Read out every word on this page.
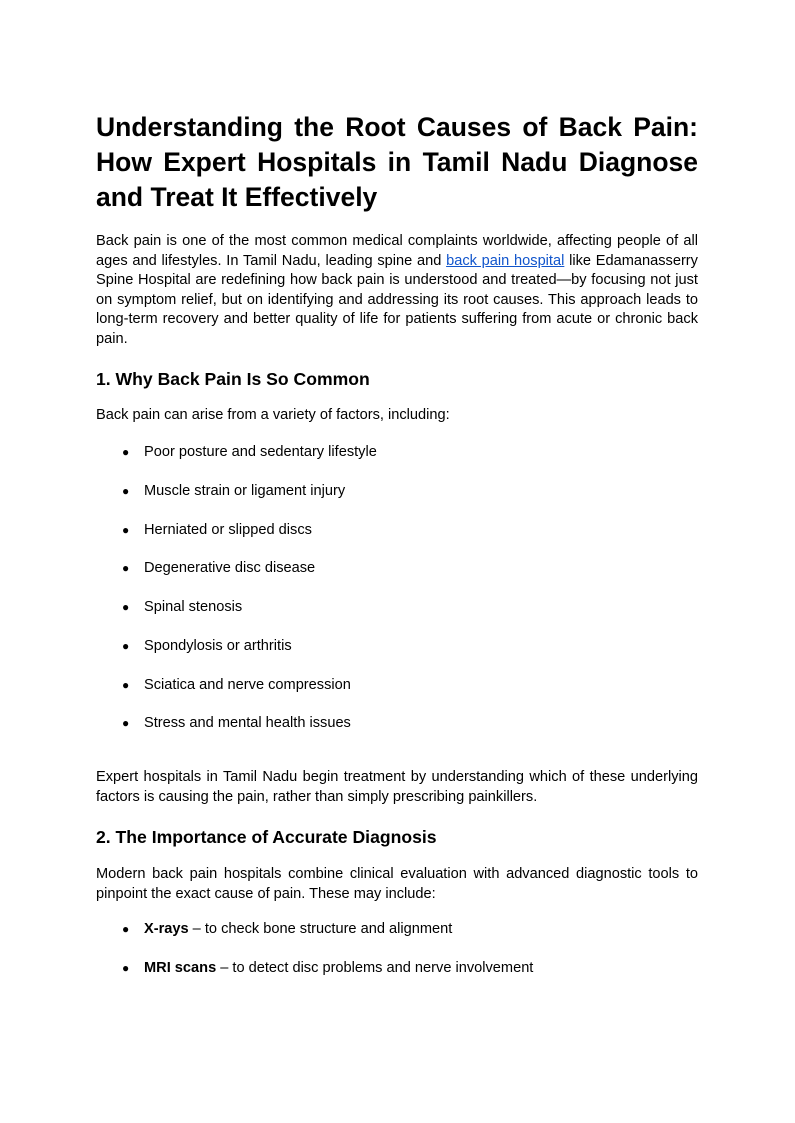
Understanding the Root Causes of Back Pain: How Expert Hospitals in Tamil Nadu Diagnose and Treat It Effectively

Back pain is one of the most common medical complaints worldwide, affecting people of all ages and lifestyles. In Tamil Nadu, leading spine and back pain hospital like Edamanasserry Spine Hospital are redefining how back pain is understood and treated—by focusing not just on symptom relief, but on identifying and addressing its root causes. This approach leads to long-term recovery and better quality of life for patients suffering from acute or chronic back pain.

1. Why Back Pain Is So Common

Back pain can arise from a variety of factors, including:

● Poor posture and sedentary lifestyle
● Muscle strain or ligament injury
● Herniated or slipped discs
● Degenerative disc disease
● Spinal stenosis
● Spondylosis or arthritis
● Sciatica and nerve compression
● Stress and mental health issues

Expert hospitals in Tamil Nadu begin treatment by understanding which of these underlying factors is causing the pain, rather than simply prescribing painkillers.

2. The Importance of Accurate Diagnosis

Modern back pain hospitals combine clinical evaluation with advanced diagnostic tools to pinpoint the exact cause of pain. These may include:

● X-rays – to check bone structure and alignment
● MRI scans – to detect disc problems and nerve involvement
